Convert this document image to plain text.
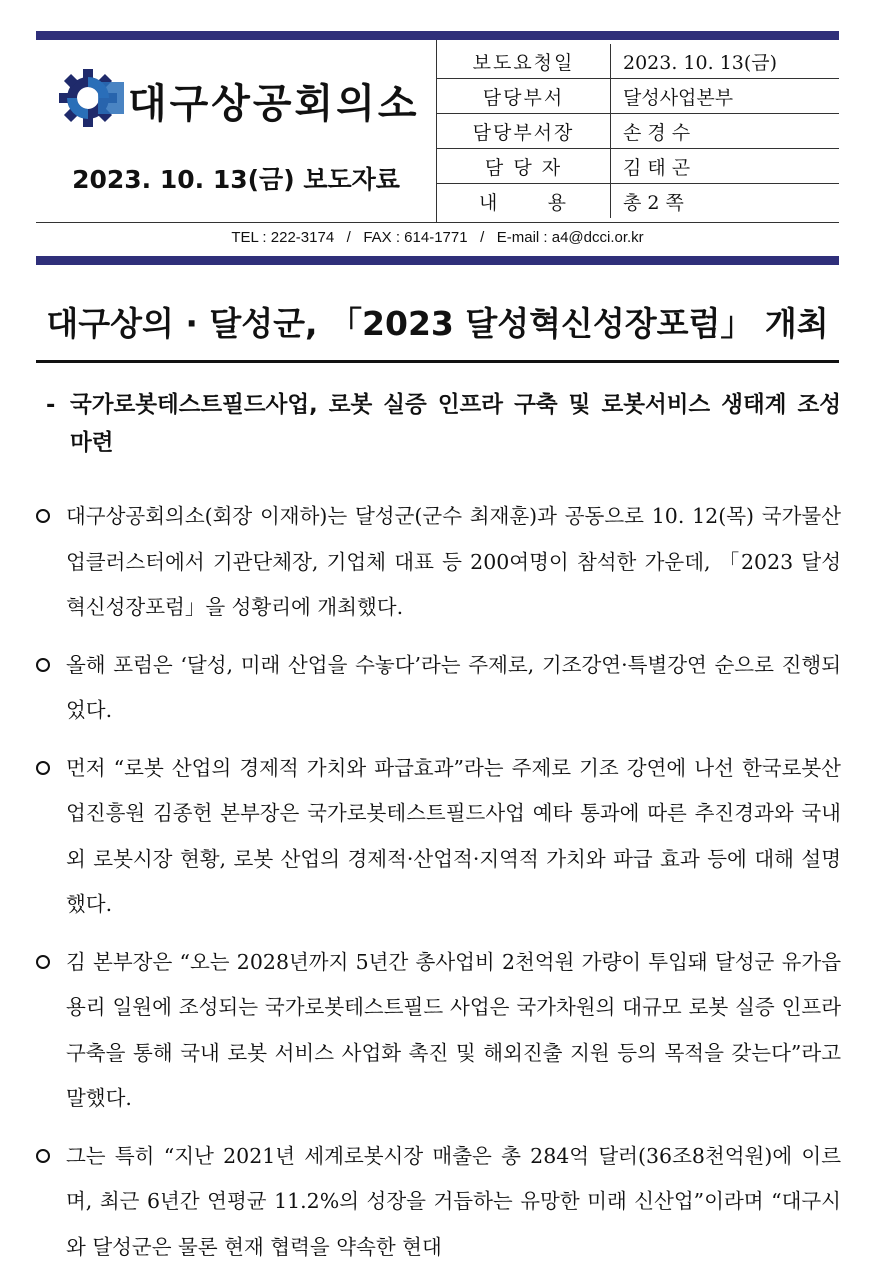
대구상공회의소
2023. 10. 13(금) 보도자료
보도요청일	2023. 10. 13(금)
담당부서	달성사업본부
담당부서장	손 경 수
담 당 자	김 태 곤
내      용	총 2 쪽
TEL : 222-3174   /   FAX : 614-1771   /   E-mail : a4@dcci.or.kr
대구상의 · 달성군, 「2023 달성혁신성장포럼」 개최
- 국가로봇테스트필드사업, 로봇 실증 인프라 구축 및 로봇서비스 생태계 조성 마련
대구상공회의소(회장 이재하)는 달성군(군수 최재훈)과 공동으로 10. 12(목) 국가물산업클러스터에서 기관단체장, 기업체 대표 등 200여명이 참석한 가운데, 「2023 달성혁신성장포럼」을 성황리에 개최했다.
올해 포럼은 ‘달성, 미래 산업을 수놓다’라는 주제로, 기조강연·특별강연 순으로 진행되었다.
먼저 “로봇 산업의 경제적 가치와 파급효과”라는 주제로 기조 강연에 나선 한국로봇산업진흥원 김종헌 본부장은 국가로봇테스트필드사업 예타 통과에 따른 추진경과와 국내외 로봇시장 현황, 로봇 산업의 경제적·산업적·지역적 가치와 파급 효과 등에 대해 설명했다.
김 본부장은 “오는 2028년까지 5년간 총사업비 2천억원 가량이 투입돼 달성군 유가읍 용리 일원에 조성되는 국가로봇테스트필드 사업은 국가차원의 대규모 로봇 실증 인프라 구축을 통해 국내 로봇 서비스 사업화 촉진 및 해외진출 지원 등의 목적을 갖는다”라고 말했다.
그는 특히 “지난 2021년 세계로봇시장 매출은 총 284억 달러(36조8천억원)에 이르며, 최근 6년간 연평균 11.2%의 성장을 거듭하는 유망한 미래 신산업”이라며 “대구시와 달성군은 물론 현재 협력을 약속한 현대
